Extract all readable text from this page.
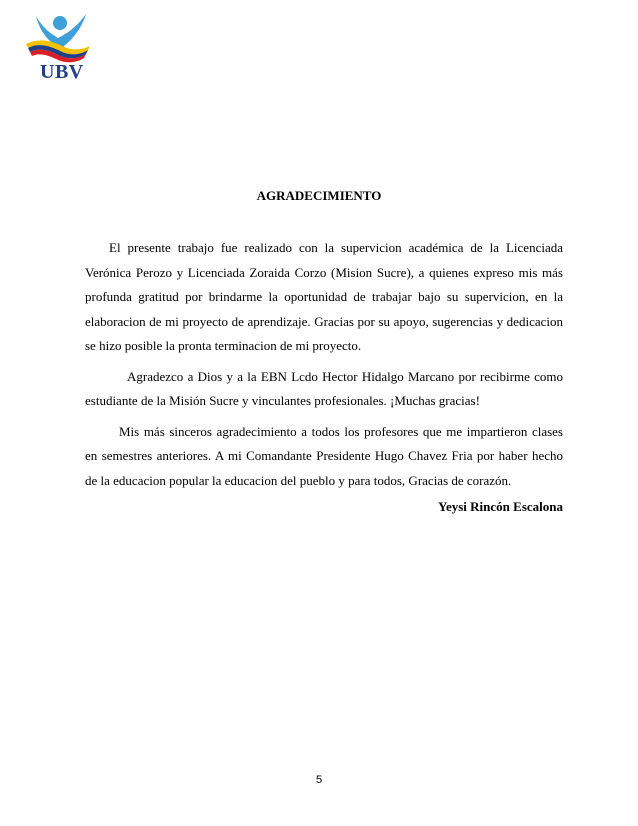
UBV
AGRADECIMIENTO

El presente trabajo fue realizado con la supervicion académica de la Licenciada Verónica Perozo y Licenciada Zoraida Corzo (Mision Sucre), a quienes expreso mis más profunda gratitud por brindarme la oportunidad de trabajar bajo su supervicion, en la elaboracion de mi proyecto de aprendizaje. Gracias por su apoyo, sugerencias y dedicacion se hizo posible la pronta terminacion de mi proyecto.

Agradezco a Dios y a la EBN Lcdo Hector Hidalgo Marcano por recibirme como estudiante de la Misión Sucre y vinculantes profesionales. ¡Muchas gracias!

Mis más sinceros agradecimiento a todos los profesores que me impartieron clases en semestres anteriores. A mi Comandante Presidente Hugo Chavez Fria por haber hecho de la educacion popular la educacion del pueblo y para todos, Gracias de corazón.

Yeysi Rincón Escalona

5
